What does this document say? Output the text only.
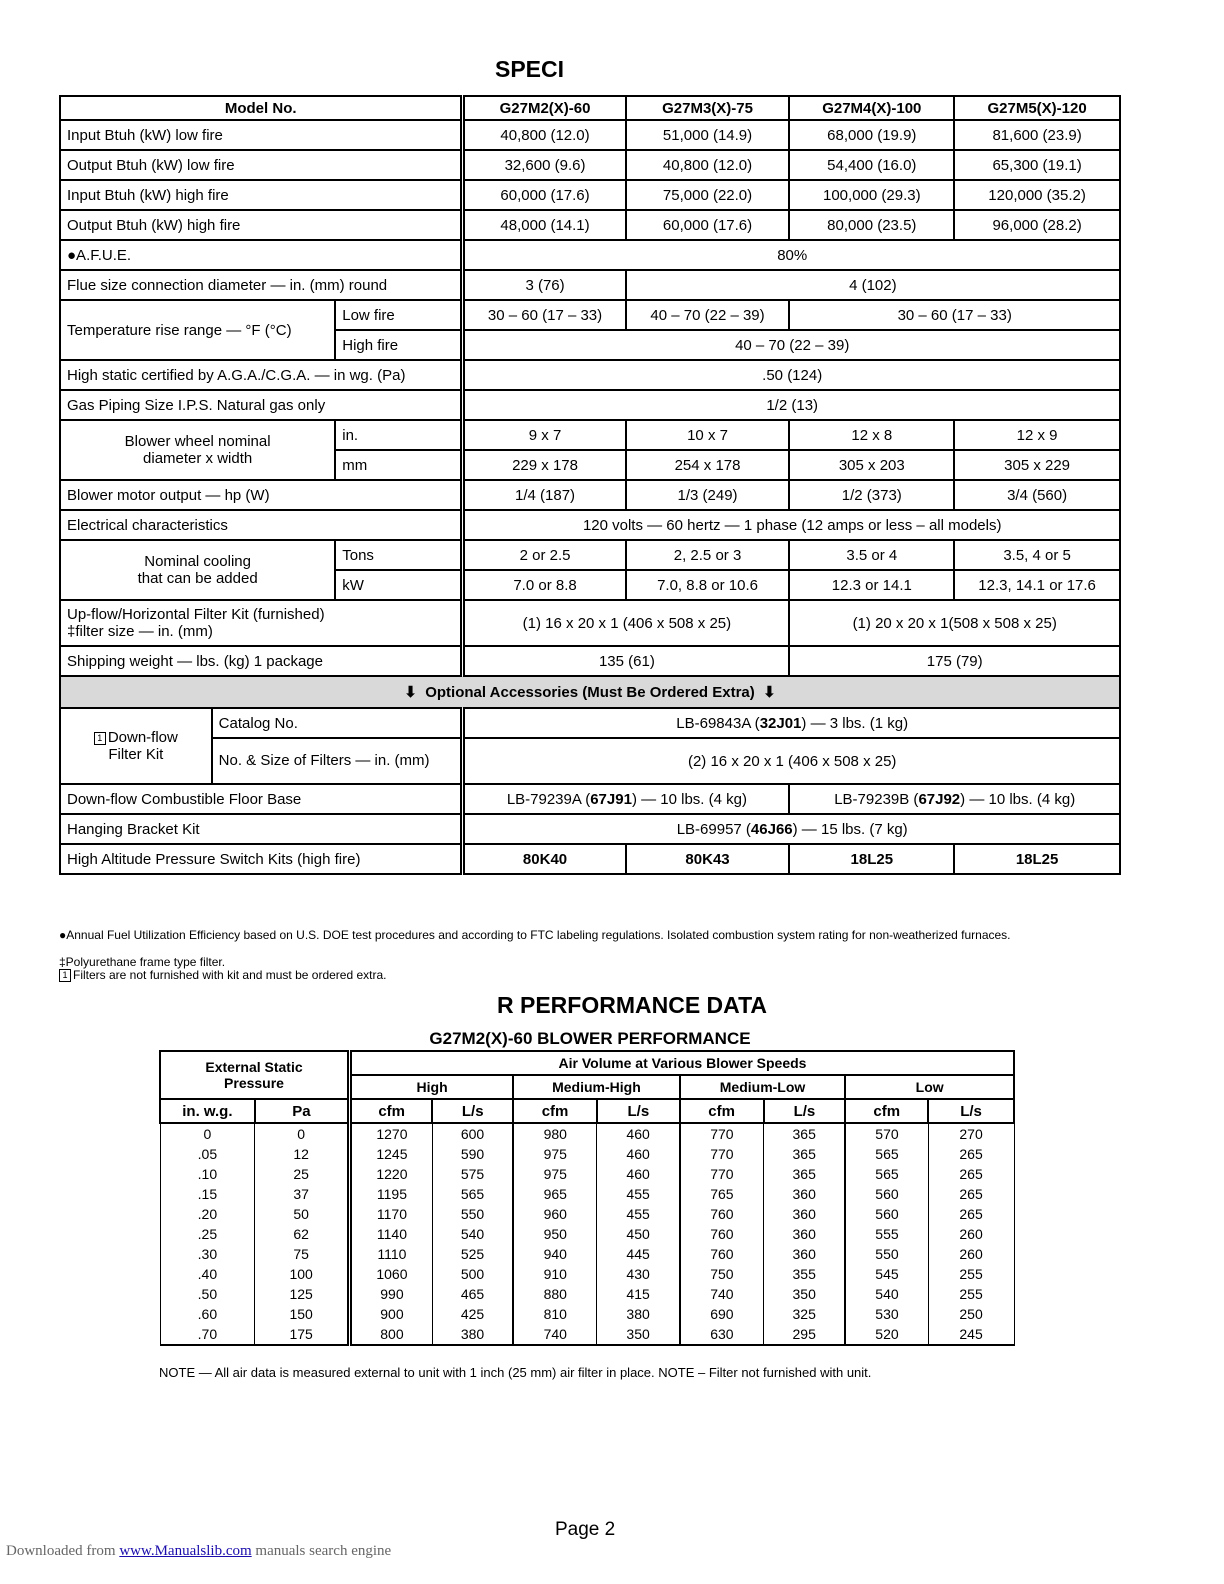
SPECI
Model No.			G27M2(X)-60	G27M3(X)-75	G27M4(X)-100	G27M5(X)-120
Input Btuh (kW) low fire			40,800 (12.0)	51,000 (14.9)	68,000 (19.9)	81,600 (23.9)
Output Btuh (kW) low fire			32,600 (9.6)	40,800 (12.0)	54,400 (16.0)	65,300 (19.1)
Input Btuh (kW) high fire			60,000 (17.6)	75,000 (22.0)	100,000 (29.3)	120,000 (35.2)
Output Btuh (kW) high fire			48,000 (14.1)	60,000 (17.6)	80,000 (23.5)	96,000 (28.2)
●A.F.U.E.			80%			
Flue size connection diameter — in. (mm) round			3 (76)	4 (102)		
Temperature rise range — °F (°C)		Low fire	30 – 60 (17 – 33)	40 – 70 (22 – 39)	30 – 60 (17 – 33)	
		High fire	40 – 70 (22 – 39)			
High static certified by A.G.A./C.G.A. — in wg. (Pa)			.50 (124)			
Gas Piping Size I.P.S. Natural gas only			1/2 (13)			

Blower wheel nominal
diameter x width		in.	9 x 7	10 x 7	12 x 8	12 x 9
		mm	229 x 178	254 x 178	305 x 203	305 x 229
Blower motor output — hp (W)			1/4 (187)	1/3 (249)	1/2 (373)	3/4 (560)
Electrical characteristics			120 volts — 60 hertz — 1 phase (12 amps or less – all models)			

Nominal cooling
that can be added		Tons	2 or 2.5	2, 2.5 or 3	3.5 or 4	3.5, 4 or 5
		kW	7.0 or 8.8	7.0, 8.8 or 10.6	12.3 or 14.1	12.3, 14.1 or 17.6

Up-flow/Horizontal Filter Kit (furnished)
‡filter size — in. (mm)			(1) 16 x 20 x 1 (406 x 508 x 25)		(1) 20 x 20 x 1(508 x 508 x 25)	
Shipping weight — lbs. (kg) 1 package			135 (61)		175 (79)	
⬇ Optional Accessories (Must Be Ordered Extra) ⬇						

1 Down-flow
Filter Kit	Catalog No.		LB-69843A (32J01) — 3 lbs. (1 kg)			
	No. & Size of Filters — in. (mm)		(2) 16 x 20 x 1 (406 x 508 x 25)			
Down-flow Combustible Floor Base			LB-79239A (67J91) — 10 lbs. (4 kg)		LB-79239B (67J92) — 10 lbs. (4 kg)	
Hanging Bracket Kit			LB-69957 (46J66) — 15 lbs. (7 kg)			
High Altitude Pressure Switch Kits (high fire)			80K40	80K43	18L25	18L25
●Annual Fuel Utilization Efficiency based on U.S. DOE test procedures and according to FTC labeling regulations. Isolated combustion system rating for non-weatherized furnaces.
‡Polyurethane frame type filter.
1 Filters are not furnished with kit and must be ordered extra.
R PERFORMANCE DATA
G27M2(X)-60 BLOWER PERFORMANCE
External Static
Pressure		Air Volume at Various Blower Speeds							
		High		Medium-High		Medium-Low		Low	
in. w.g.	Pa	cfm	L/s	cfm	L/s	cfm	L/s	cfm	L/s
0	0	1270	600	980	460	770	365	570	270
.05	12	1245	590	975	460	770	365	565	265
.10	25	1220	575	975	460	770	365	565	265
.15	37	1195	565	965	455	765	360	560	265
.20	50	1170	550	960	455	760	360	560	265
.25	62	1140	540	950	450	760	360	555	260
.30	75	1110	525	940	445	760	360	550	260
.40	100	1060	500	910	430	750	355	545	255
.50	125	990	465	880	415	740	350	540	255
.60	150	900	425	810	380	690	325	530	250
.70	175	800	380	740	350	630	295	520	245
NOTE — All air data is measured external to unit with 1 inch (25 mm) air filter in place. NOTE – Filter not furnished with unit.
Page 2
Downloaded from www.Manualslib.com manuals search engine
